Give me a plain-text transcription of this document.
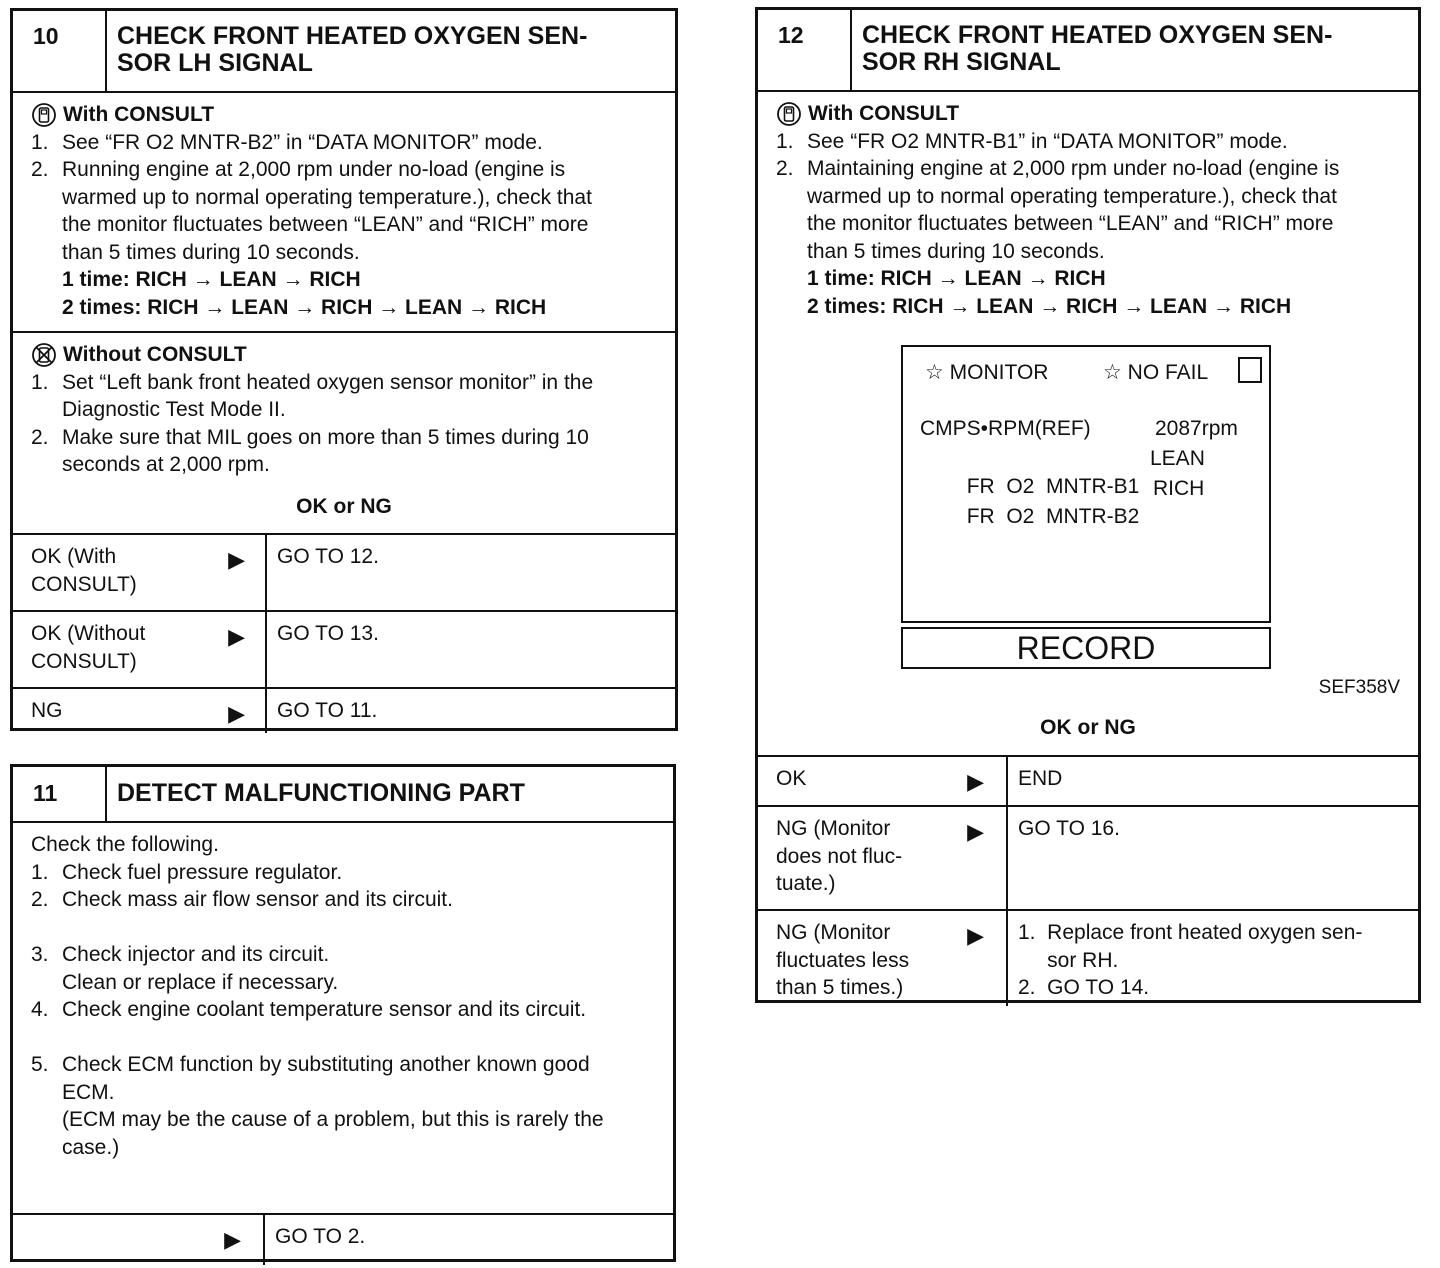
10	CHECK FRONT HEATED OXYGEN SEN-
SOR LH SIGNAL
With CONSULT
1. See “FR O2 MNTR-B2” in “DATA MONITOR” mode.
2. Running engine at 2,000 rpm under no-load (engine is
warmed up to normal operating temperature.), check that
the monitor fluctuates between “LEAN” and “RICH” more
than 5 times during 10 seconds.
1 time: RICH → LEAN → RICH
2 times: RICH → LEAN → RICH → LEAN → RICH
Without CONSULT
1. Set “Left bank front heated oxygen sensor monitor” in the
Diagnostic Test Mode II.
2. Make sure that MIL goes on more than 5 times during 10
seconds at 2,000 rpm.
OK or NG
OK (With
CONSULT)
▶	GO TO 12.
OK (Without
CONSULT)
▶	GO TO 13.
NG	▶	GO TO 11.
11	DETECT MALFUNCTIONING PART
Check the following.
1. Check fuel pressure regulator.
2. Check mass air flow sensor and its circuit.

3. Check injector and its circuit.
Clean or replace if necessary.
4. Check engine coolant temperature sensor and its circuit.

5. Check ECM function by substituting another known good
ECM.
(ECM may be the cause of a problem, but this is rarely the
case.)

▶	GO TO 2.
12	CHECK FRONT HEATED OXYGEN SEN-
SOR RH SIGNAL
With CONSULT
1. See “FR O2 MNTR-B1” in “DATA MONITOR” mode.
2. Maintaining engine at 2,000 rpm under no-load (engine is
warmed up to normal operating temperature.), check that
the monitor fluctuates between “LEAN” and “RICH” more
than 5 times during 10 seconds.
1 time: RICH → LEAN → RICH
2 times: RICH → LEAN → RICH → LEAN → RICH
☆ MONITOR	☆ NO FAIL
CMPS•RPM(REF)	2087rpm

FR  O2  MNTR-B1

LEAN

FR  O2  MNTR-B2

RICH
RECORD
SEF358V
OK or NG
OK	▶	END
NG (Monitor
does not fluc-
tuate.)
▶	GO TO 16.
NG (Monitor
fluctuates less
than 5 times.)
▶ 1.  Replace front heated oxygen sen-
sor RH.
2.  GO TO 14.
